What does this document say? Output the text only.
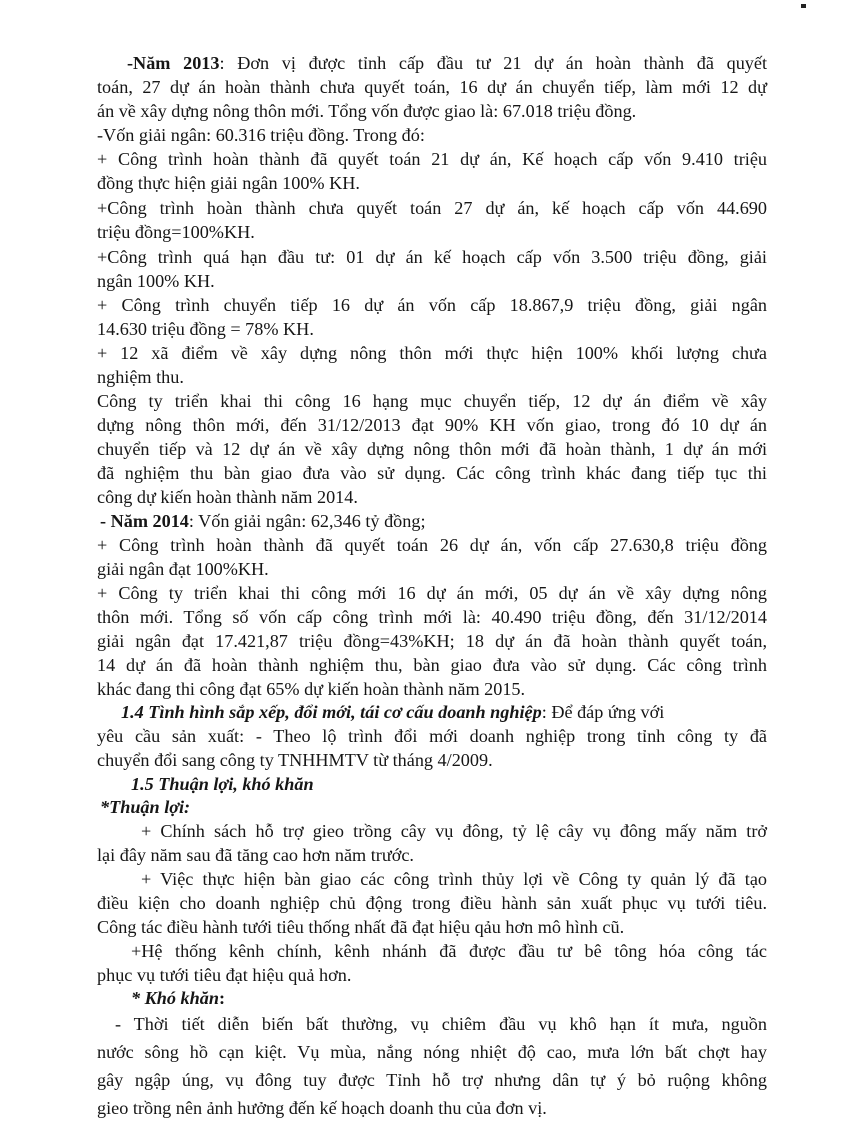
-Năm 2013: Đơn vị được tỉnh cấp đầu tư 21 dự án hoàn thành đã quyết
toán, 27 dự án hoàn thành chưa quyết toán, 16 dự án chuyển tiếp, làm mới 12 dự
án về xây dựng nông thôn mới. Tổng vốn được giao là: 67.018 triệu đồng.
-Vốn giải ngân: 60.316 triệu đồng. Trong đó:
+ Công trình hoàn thành đã quyết toán 21 dự án, Kế hoạch cấp vốn 9.410 triệu
đồng thực hiện giải ngân 100% KH.
+Công trình hoàn thành chưa quyết toán 27 dự án, kế hoạch cấp vốn 44.690
triệu đồng=100%KH.
+Công trình quá hạn đầu tư: 01 dự án kế hoạch cấp vốn 3.500 triệu đồng, giải
ngân 100% KH.
+ Công trình chuyển tiếp 16 dự án vốn cấp 18.867,9 triệu đồng, giải ngân
14.630 triệu đồng = 78% KH.
+ 12 xã điểm về xây dựng nông thôn mới thực hiện 100% khối lượng chưa
nghiệm thu.
Công ty triển khai thi công 16 hạng mục chuyển tiếp, 12 dự án điểm về xây
dựng nông thôn mới, đến 31/12/2013 đạt 90% KH vốn giao, trong đó 10 dự án
chuyển tiếp và 12 dự án về xây dựng nông thôn mới đã hoàn thành, 1 dự án mới
đã nghiệm thu bàn giao đưa vào sử dụng. Các công trình khác đang tiếp tục thi
công dự kiến hoàn thành năm 2014.
- Năm 2014: Vốn giải ngân: 62,346 tỷ đồng;
+ Công trình hoàn thành đã quyết toán 26 dự án, vốn cấp 27.630,8 triệu đồng
giải ngân đạt 100%KH.
+ Công ty triển khai thi công mới 16 dự án mới, 05 dự án về xây dựng nông
thôn mới. Tổng số vốn cấp công trình mới là: 40.490 triệu đồng, đến 31/12/2014
giải ngân đạt 17.421,87 triệu đồng=43%KH; 18 dự án đã hoàn thành quyết toán,
14 dự án đã hoàn thành nghiệm thu, bàn giao đưa vào sử dụng. Các công trình
khác đang thi công đạt 65% dự kiến hoàn thành năm 2015.
1.4 Tình hình sắp xếp, đổi mới, tái cơ cấu doanh nghiệp: Để đáp ứng với
yêu cầu sản xuất: - Theo lộ trình đổi mới doanh nghiệp trong tỉnh công ty đã
chuyển đổi sang công ty TNHHMTV từ tháng 4/2009.
1.5 Thuận lợi, khó khăn
*Thuận lợi:
+ Chính sách hỗ trợ gieo trồng cây vụ đông, tỷ lệ cây vụ đông mấy năm trở
lại đây năm sau đã tăng cao hơn năm trước.
+ Việc thực hiện bàn giao các công trình thủy lợi về Công ty quản lý đã tạo
điều kiện cho doanh nghiệp chủ động trong điều hành sản xuất phục vụ tưới tiêu.
Công tác điều hành tưới tiêu thống nhất đã đạt hiệu qảu hơn mô hình cũ.
+Hệ thống kênh chính, kênh nhánh đã được đầu tư bê tông hóa công tác
phục vụ tưới tiêu đạt hiệu quả hơn.
* Khó khăn:
- Thời tiết diễn biến bất thường, vụ chiêm đầu vụ khô hạn ít mưa, nguồn
nước sông hồ cạn kiệt. Vụ mùa, nắng nóng nhiệt độ cao, mưa lớn bất chợt hay
gây ngập úng, vụ đông tuy được Tỉnh hỗ trợ nhưng dân tự ý bỏ ruộng không
gieo trồng nên ảnh hưởng đến kế hoạch doanh thu của đơn vị.
